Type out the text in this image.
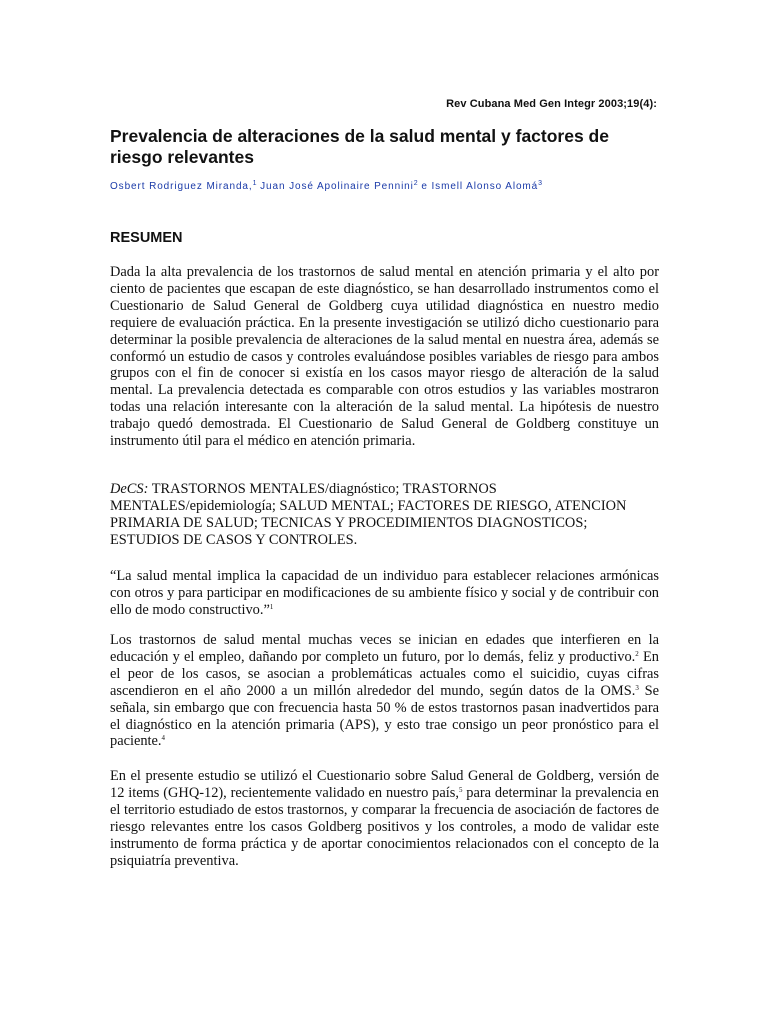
Rev Cubana Med Gen Integr 2003;19(4):
Prevalencia de alteraciones de la salud mental y factores de riesgo relevantes
Osbert Rodriguez Miranda,$^1$ Juan José Apolinaire Pennini$^2$ e Ismell Alonso Alomá$^3$
RESUMEN

Dada la alta prevalencia de los trastornos de salud mental en atención primaria y el alto por ciento de pacientes que escapan de este diagnóstico, se han desarrollado instrumentos como el Cuestionario de Salud General de Goldberg cuya utilidad diagnóstica en nuestro medio requiere de evaluación práctica. En la presente investigación se utilizó dicho cuestionario para determinar la posible prevalencia de alteraciones de la salud mental en nuestra área, además se conformó un estudio de casos y controles evaluándose posibles variables de riesgo para ambos grupos con el fin de conocer si existía en los casos mayor riesgo de alteración de la salud mental. La prevalencia detectada es comparable con otros estudios y las variables mostraron todas una relación interesante con la alteración de la salud mental. La hipótesis de nuestro trabajo quedó demostrada. El Cuestionario de Salud General de Goldberg constituye un instrumento útil para el médico en atención primaria.

DeCS: TRASTORNOS MENTALES/diagnóstico; TRASTORNOS MENTALES/epidemiología; SALUD MENTAL; FACTORES DE RIESGO, ATENCION PRIMARIA DE SALUD; TECNICAS Y PROCEDIMIENTOS DIAGNOSTICOS; ESTUDIOS DE CASOS Y CONTROLES.

“La salud mental implica la capacidad de un individuo para establecer relaciones armónicas con otros y para participar en modificaciones de su ambiente físico y social y de contribuir con ello de modo constructivo.”$^1$

Los trastornos de salud mental muchas veces se inician en edades que interfieren en la educación y el empleo, dañando por completo un futuro, por lo demás, feliz y productivo.$^2$ En el peor de los casos, se asocian a problemáticas actuales como el suicidio, cuyas cifras ascendieron en el año 2000 a un millón alrededor del mundo, según datos de la OMS.$^3$ Se señala, sin embargo que con frecuencia hasta 50 % de estos trastornos pasan inadvertidos para el diagnóstico en la atención primaria (APS), y esto trae consigo un peor pronóstico para el paciente.$^4$

En el presente estudio se utilizó el Cuestionario sobre Salud General de Goldberg, versión de 12 items (GHQ-12), recientemente validado en nuestro país,$^5$ para determinar la prevalencia en el territorio estudiado de estos trastornos, y comparar la frecuencia de asociación de factores de riesgo relevantes entre los casos Goldberg positivos y los controles, a modo de validar este instrumento de forma práctica y de aportar conocimientos relacionados con el concepto de la psiquiatría preventiva.
